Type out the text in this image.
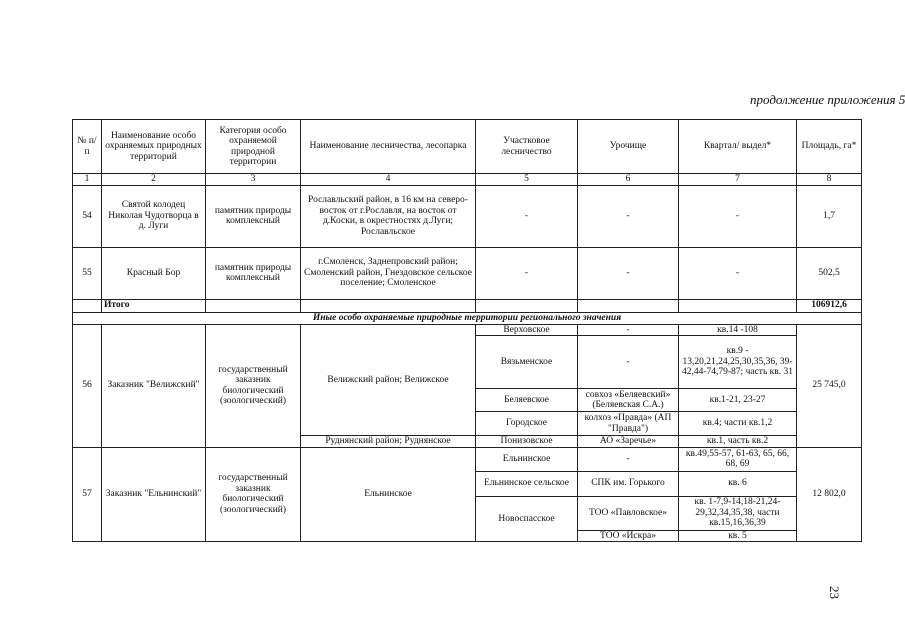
продолжение приложения 5
№ п/п	Наименование особо охраняемых природных территорий	Категория особо охраняемой природной территории	Наименование лесничества, лесопарка	Участковое лесничество	Урочище	Квартал/ выдел*	Площадь, га*
1	2	3	4	5	6	7	8
54	Святой колодец Николая Чудотворца в д. Луги	памятник природы комплексный	Рославльский район, в 16 км на северо-восток от г.Рославля, на восток от д.Коски, в окрестностях д.Луги; Рославльское	-	-	-	1,7
55	Красный Бор	памятник природы комплексный	г.Смоленск, Заднепровский район; Смоленский район, Гнездовское сельское поселение; Смоленское	-	-	-	502,5
	Итого						106912,6
Иные особо охраняемые природные территории регионального значения							
56	Заказник "Велижский"	государственный заказник биологический (зоологический)	Велижский район; Велижское	Верховское	-	кв.14 -108	25 745,0
				Вязьменское	-	кв.9 - 13,20,21,24,25,30,35,36, 39-42,44-74,79-87; часть кв. 31	
				Беляевское	совхоз «Беляевский» (Беляевская С.А.)	кв.1-21, 23-27	
				Городское	колхоз «Правда» (АП "Правда")	кв.4; части кв.1,2	
			Руднянский район; Руднянское	Понизовское	АО «Заречье»	кв.1, часть кв.2	
57	Заказник "Ельнинский"	государственный заказник биологический (зоологический)	Ельнинское	Ельнинское	-	кв.49,55-57, 61-63, 65, 66, 68, 69	12 802,0
				Ельнинское сельское	СПК им. Горького	кв. 6	
				Новоспасское	ТОО «Павловское»	кв. 1-7,9-14,18-21,24-29,32,34,35,38, части кв.15,16,36,39	
					ТОО «Искра»	кв. 5	
23
